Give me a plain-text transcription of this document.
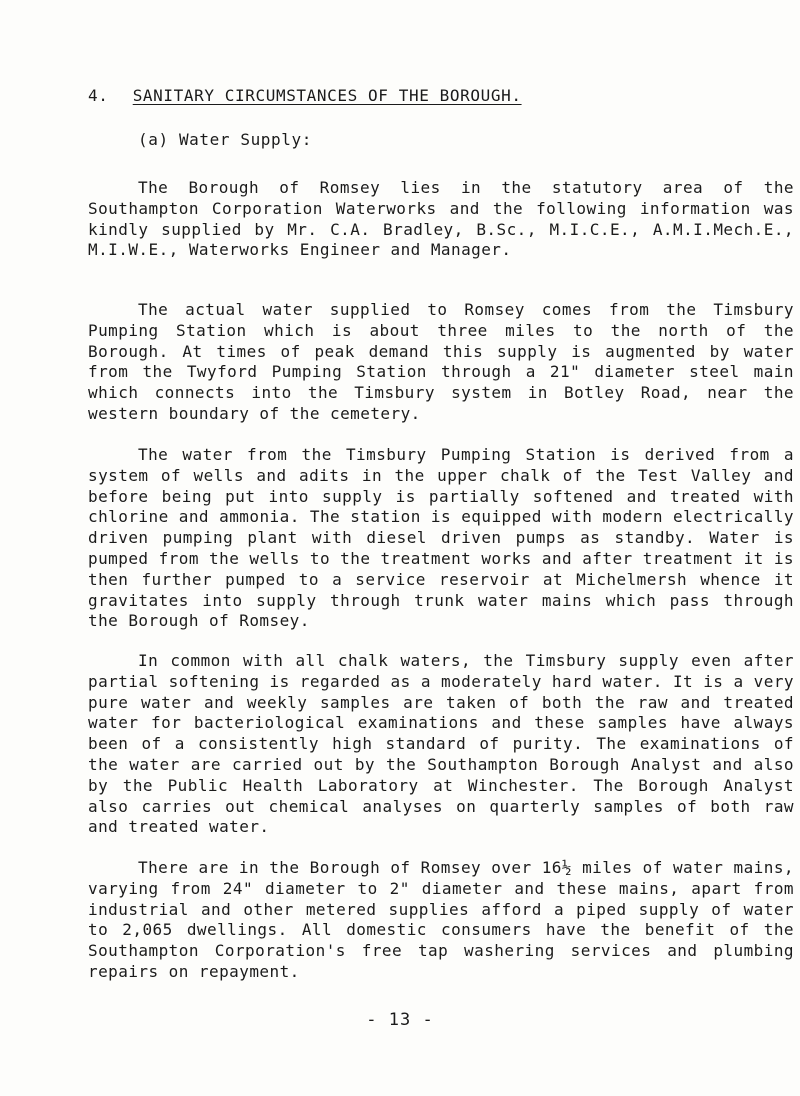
4. SANITARY CIRCUMSTANCES OF THE BOROUGH.
(a) Water Supply:

The Borough of Romsey lies in the statutory area of the Southampton Corporation Waterworks and the following information was kindly supplied by Mr. C.A. Bradley, B.Sc., M.I.C.E., A.M.I.Mech.E., M.I.W.E., Waterworks Engineer and Manager.

The actual water supplied to Romsey comes from the Timsbury Pumping Station which is about three miles to the north of the Borough. At times of peak demand this supply is augmented by water from the Twyford Pumping Station through a 21" diameter steel main which connects into the Timsbury system in Botley Road, near the western boundary of the cemetery.

The water from the Timsbury Pumping Station is derived from a system of wells and adits in the upper chalk of the Test Valley and before being put into supply is partially softened and treated with chlorine and ammonia. The station is equipped with modern electrically driven pumping plant with diesel driven pumps as standby. Water is pumped from the wells to the treatment works and after treatment it is then further pumped to a service reservoir at Michelmersh whence it gravitates into supply through trunk water mains which pass through the Borough of Romsey.

In common with all chalk waters, the Timsbury supply even after partial softening is regarded as a moderately hard water. It is a very pure water and weekly samples are taken of both the raw and treated water for bacteriological examinations and these samples have always been of a consistently high standard of purity. The examinations of the water are carried out by the Southampton Borough Analyst and also by the Public Health Laboratory at Winchester. The Borough Analyst also carries out chemical analyses on quarterly samples of both raw and treated water.

There are in the Borough of Romsey over 16½ miles of water mains, varying from 24" diameter to 2" diameter and these mains, apart from industrial and other metered supplies afford a piped supply of water to 2,065 dwellings. All domestic consumers have the benefit of the Southampton Corporation's free tap washering services and plumbing repairs on repayment.

- 13 -
